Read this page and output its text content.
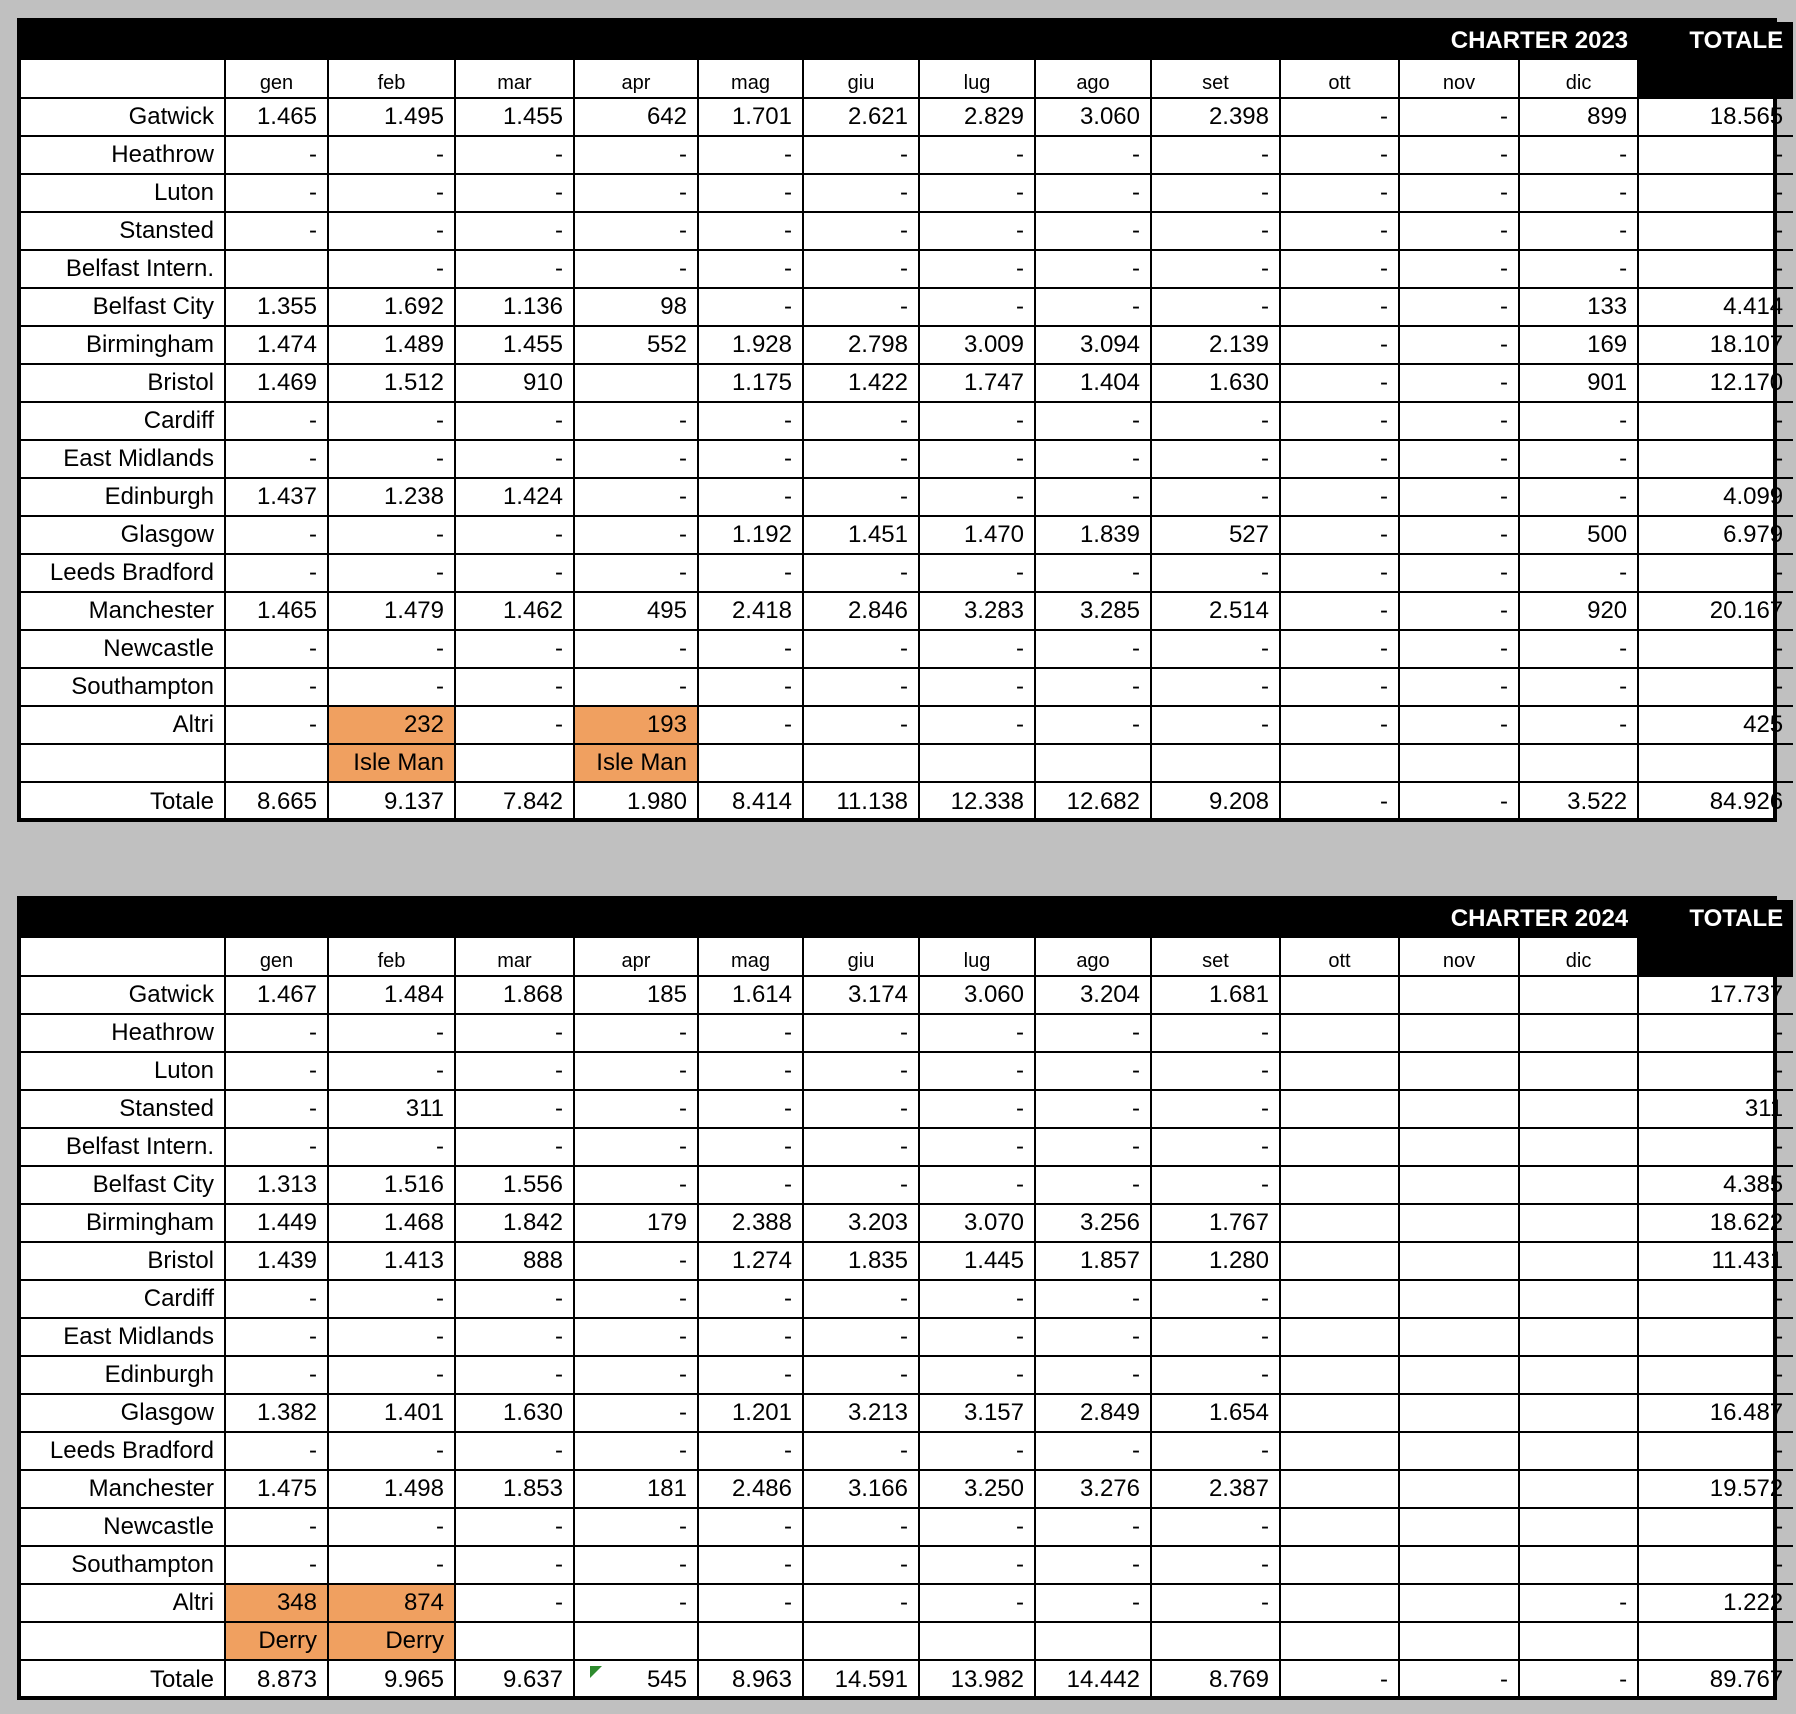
CHARTER 2023													TOTALE
	gen	feb	mar	apr	mag	giu	lug	ago	set	ott	nov	dic	CHARTER
Gatwick	1.465	1.495	1.455	642	1.701	2.621	2.829	3.060	2.398	-	-	899	18.565
Heathrow	-	-	-	-	-	-	-	-	-	-	-	-	-
Luton	-	-	-	-	-	-	-	-	-	-	-	-	-
Stansted	-	-	-	-	-	-	-	-	-	-	-	-	-
Belfast Intern.		-	-	-	-	-	-	-	-	-	-	-	-
Belfast City	1.355	1.692	1.136	98	-	-	-	-	-	-	-	133	4.414
Birmingham	1.474	1.489	1.455	552	1.928	2.798	3.009	3.094	2.139	-	-	169	18.107
Bristol	1.469	1.512	910		1.175	1.422	1.747	1.404	1.630	-	-	901	12.170
Cardiff	-	-	-	-	-	-	-	-	-	-	-	-	-
East Midlands	-	-	-	-	-	-	-	-	-	-	-	-	-
Edinburgh	1.437	1.238	1.424	-	-	-	-	-	-	-	-	-	4.099
Glasgow	-	-	-	-	1.192	1.451	1.470	1.839	527	-	-	500	6.979
Leeds Bradford	-	-	-	-	-	-	-	-	-	-	-	-	-
Manchester	1.465	1.479	1.462	495	2.418	2.846	3.283	3.285	2.514	-	-	920	20.167
Newcastle	-	-	-	-	-	-	-	-	-	-	-	-	-
Southampton	-	-	-	-	-	-	-	-	-	-	-	-	-
Altri	-	232	-	193	-	-	-	-	-	-	-	-	425
		Isle Man		Isle Man									
Totale	8.665	9.137	7.842	1.980	8.414	11.138	12.338	12.682	9.208	-	-	3.522	84.926
CHARTER 2024													TOTALE
	gen	feb	mar	apr	mag	giu	lug	ago	set	ott	nov	dic	CHARTER
Gatwick	1.467	1.484	1.868	185	1.614	3.174	3.060	3.204	1.681				17.737
Heathrow	-	-	-	-	-	-	-	-	-				-
Luton	-	-	-	-	-	-	-	-	-				-
Stansted	-	311	-	-	-	-	-	-	-				311
Belfast Intern.	-	-	-	-	-	-	-	-	-				-
Belfast City	1.313	1.516	1.556	-	-	-	-	-	-				4.385
Birmingham	1.449	1.468	1.842	179	2.388	3.203	3.070	3.256	1.767				18.622
Bristol	1.439	1.413	888	-	1.274	1.835	1.445	1.857	1.280				11.431
Cardiff	-	-	-	-	-	-	-	-	-				-
East Midlands	-	-	-	-	-	-	-	-	-				-
Edinburgh	-	-	-	-	-	-	-	-	-				-
Glasgow	1.382	1.401	1.630	-	1.201	3.213	3.157	2.849	1.654				16.487
Leeds Bradford	-	-	-	-	-	-	-	-	-				-
Manchester	1.475	1.498	1.853	181	2.486	3.166	3.250	3.276	2.387				19.572
Newcastle	-	-	-	-	-	-	-	-	-				-
Southampton	-	-	-	-	-	-	-	-	-				-
Altri	348	874	-	-	-	-	-	-	-			-	1.222
	Derry	Derry											
Totale	8.873	9.965	9.637	545	8.963	14.591	13.982	14.442	8.769	-	-	-	89.767
